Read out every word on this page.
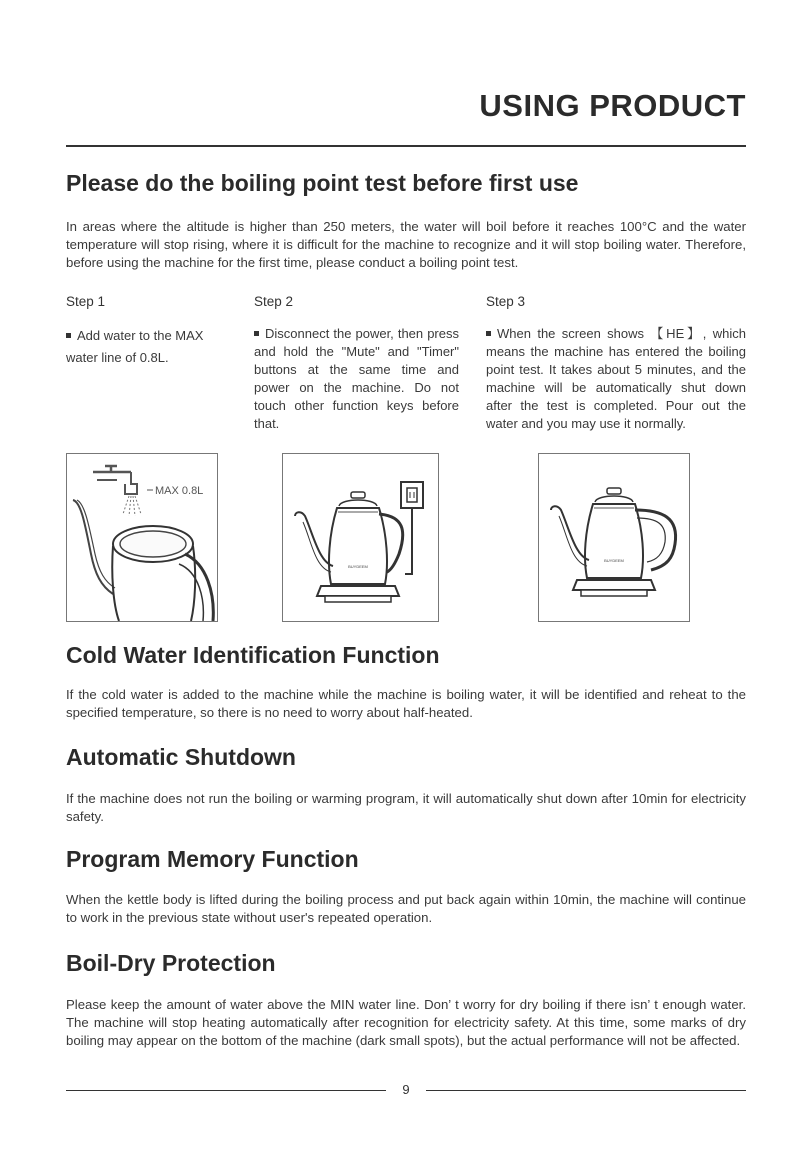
USING PRODUCT
Please do the boiling point test before first use

In areas where the altitude is higher than 250 meters, the water will boil before it reaches 100°C and the water temperature will stop rising, where it is difficult for the machine to recognize and it will stop boiling water. Therefore, before using the machine for the first time, please conduct a boiling point test.

Step 1	Step 2	Step 3

Add water to the MAX water line of 0.8L.

Disconnect the power, then press and hold the "Mute" and "Timer" buttons at the same time and power on the machine. Do not touch other function keys before that.

When the screen shows 【HE】, which means the machine has entered the boiling point test. It takes about 5 minutes, and the machine will be automatically shut down after the test is completed. Pour out the water and you may use it normally.

MAX 0.8L
BUYDEEM
BUYDEEM
Cold Water Identification Function

If the cold water is added to the machine while the machine is boiling water, it will be identified and reheat to the specified temperature, so there is no need to worry about half-heated.

Automatic Shutdown

If the machine does not run the boiling or warming program, it will automatically shut down after 10min for electricity safety.

Program Memory Function

When the kettle body is lifted during the boiling process and put back again within 10min, the machine will continue to work in the previous state without user's repeated operation.

Boil-Dry Protection

Please keep the amount of water above the MIN water line. Don’ t worry for dry boiling if there isn’ t enough water. The machine will stop heating automatically after recognition for electricity safety. At this time, some marks of dry boiling may appear on the bottom of the machine (dark small spots), but the actual performance will not be affected.

9
